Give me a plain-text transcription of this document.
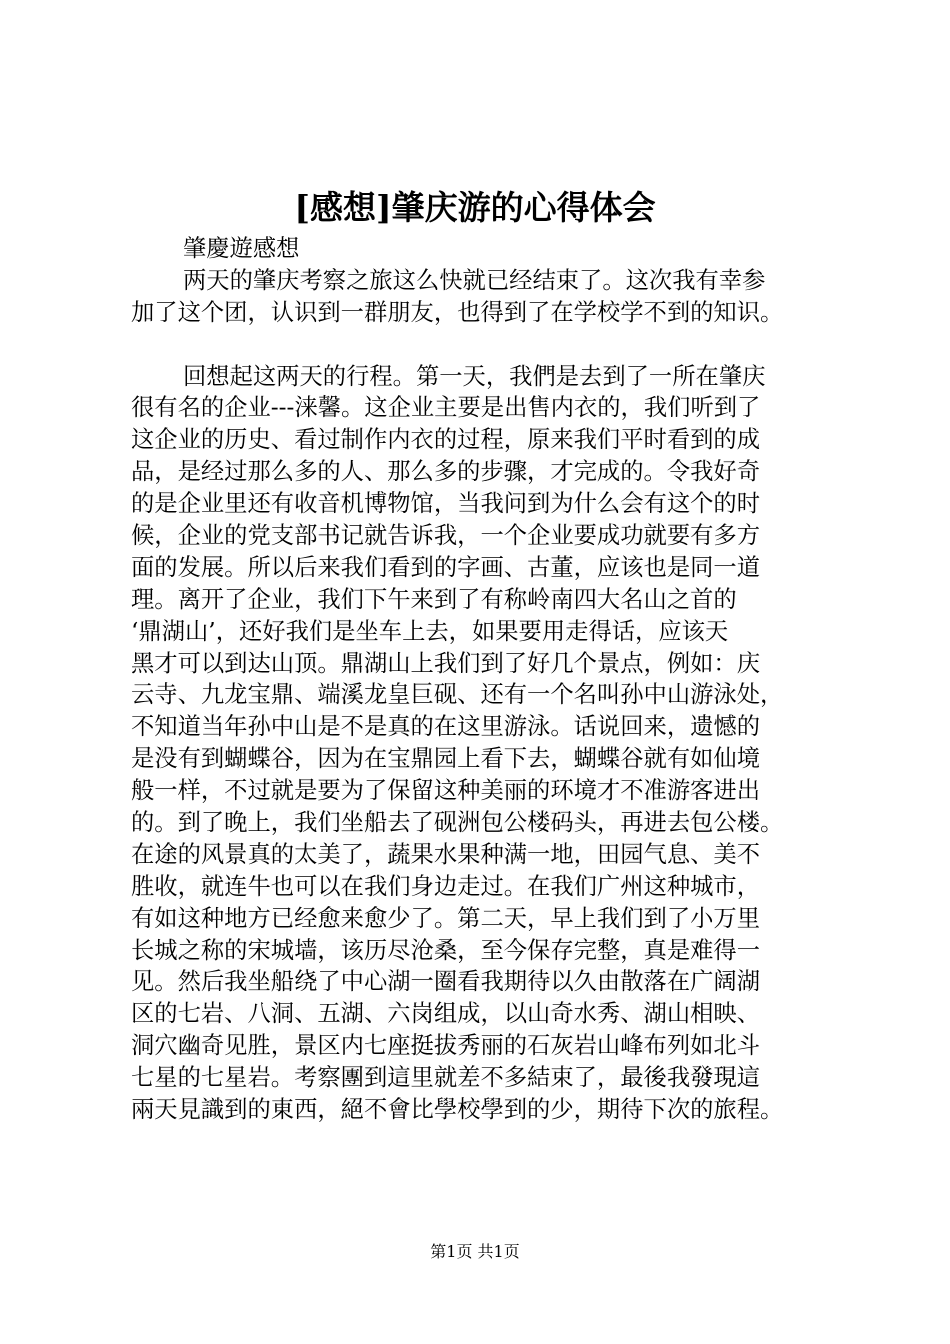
[感想]肇庆游的心得体会
肇慶遊感想
两天的肇庆考察之旅这么快就已经结束了。这次我有幸参
加了这个团，认识到一群朋友，也得到了在学校学不到的知识。
回想起这两天的行程。第一天，我們是去到了一所在肇庆
很有名的企业---涞馨。这企业主要是出售内衣的，我们听到了
这企业的历史、看过制作内衣的过程，原来我们平时看到的成
品，是经过那么多的人、那么多的步骤，才完成的。令我好奇
的是企业里还有收音机博物馆，当我问到为什么会有这个的时
候，企业的党支部书记就告诉我，一个企业要成功就要有多方
面的发展。所以后来我们看到的字画、古董，应该也是同一道
理。离开了企业，我们下午来到了有称岭南四大名山之首的
‘鼎湖山’，还好我们是坐车上去，如果要用走得话，应该天
黑才可以到达山顶。鼎湖山上我们到了好几个景点，例如：庆
云寺、九龙宝鼎、端溪龙皇巨砚、还有一个名叫孙中山游泳处，
不知道当年孙中山是不是真的在这里游泳。话说回来，遗憾的
是没有到蝴蝶谷，因为在宝鼎园上看下去，蝴蝶谷就有如仙境
般一样，不过就是要为了保留这种美丽的环境才不准游客进出
的。到了晚上，我们坐船去了砚洲包公楼码头，再进去包公楼。
在途的风景真的太美了，蔬果水果种满一地，田园气息、美不
胜收，就连牛也可以在我们身边走过。在我们广州这种城市，
有如这种地方已经愈来愈少了。第二天，早上我们到了小万里
长城之称的宋城墙，该历尽沧桑，至今保存完整，真是难得一
见。然后我坐船绕了中心湖一圈看我期待以久由散落在广阔湖
区的七岩、八洞、五湖、六岗组成，以山奇水秀、湖山相映、
洞穴幽奇见胜，景区内七座挺拔秀丽的石灰岩山峰布列如北斗
七星的七星岩。考察團到這里就差不多結束了，最後我發現這
兩天見識到的東西，絕不會比學校學到的少，期待下次的旅程。
第1页 共1页
